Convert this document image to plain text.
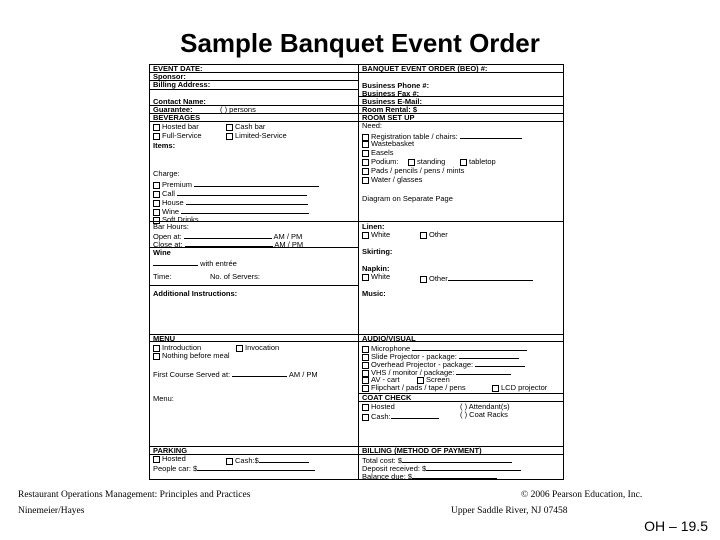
Sample Banquet Event Order
EVENT DATE:
Sponsor:
Billing Address:
Contact Name:
Guarantee:	( ) persons
BEVERAGES
Hosted bar	Cash bar
Full-Service	Limited-Service
Items:
Charge:
Premium
Call
House
Wine
Soft Drinks
Bar Hours:
Open at:	AM / PM
Close at:	AM / PM
Wine
with entrée
Time:	No. of Servers:
Additional Instructions:
MENU
Introduction	Invocation
Nothing before meal
First Course Served at:	AM / PM
Menu:
PARKING
Hosted	Cash:$
People car: $
BANQUET EVENT ORDER (BEO) #:
Business Phone #:
Business Fax #:
Business E-Mail:
Room Rental: $
ROOM SET UP
Need:
Registration table / chairs:
Wastebasket
Easels
Podium:	standing	tabletop
Pads / pencils / pens / mints
Water / glasses
Diagram on Separate Page
Linen:
White	Other
Skirting:
Napkin:
White	Other
Music:
AUDIO/VISUAL
Microphone
Slide Projector - package:
Overhead Projector - package:
VHS / monitor / package:
AV - cart	Screen
Flipchart / pads / tape / pens	LCD projector
COAT CHECK
Hosted	( ) Attendant(s)
Cash:	( ) Coat Racks
BILLING (METHOD OF PAYMENT)
Total cost: $
Deposit received: $
Balance due: $
Restaurant Operations Management: Principles and Practices
Ninemeier/Hayes
© 2006 Pearson Education, Inc.
Upper Saddle River, NJ 07458
OH – 19.5
